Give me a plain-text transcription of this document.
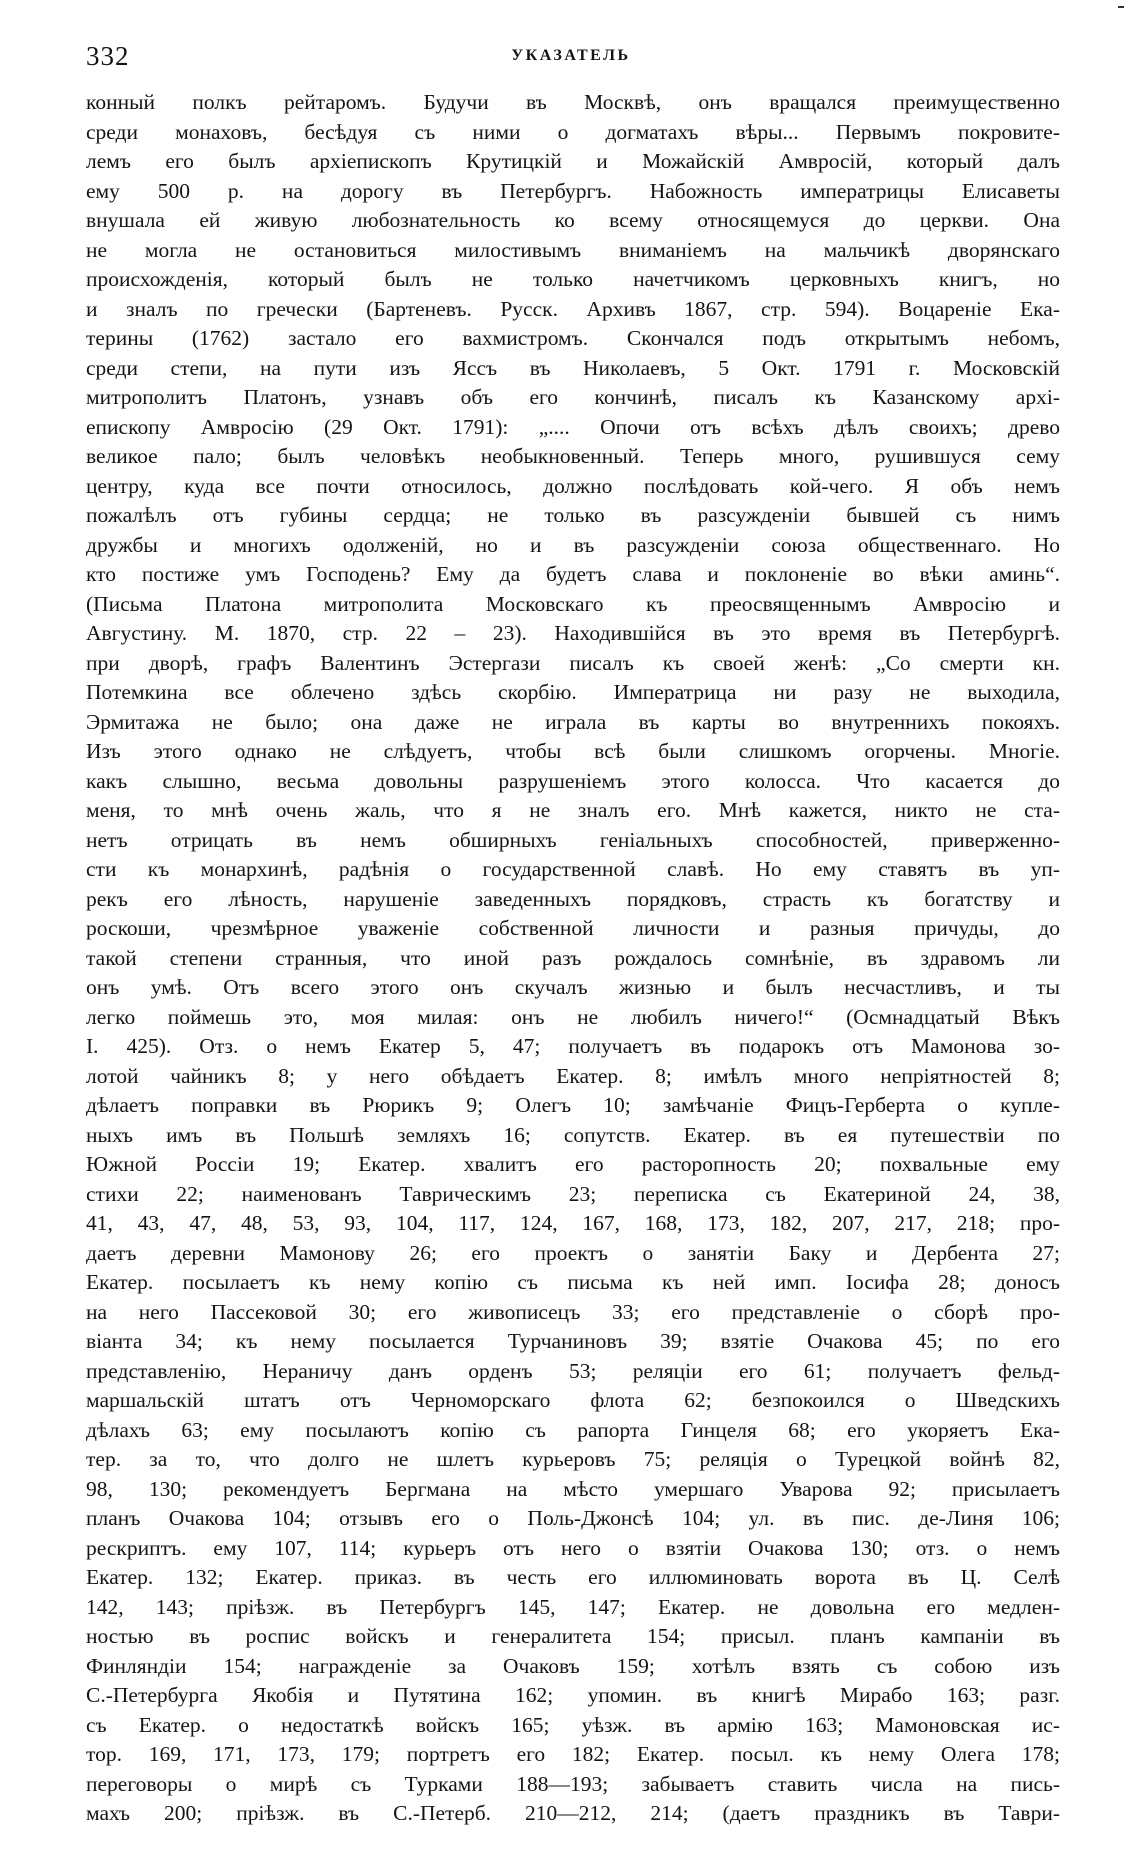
332	УКАЗАТЕЛЬ
конный полкъ рейтаромъ. Будучи въ Москвѣ, онъ вращался преимущественно
среди монаховъ, бесѣдуя съ ними о догматахъ вѣры... Первымъ покровите-
лемъ его былъ архіепископъ Крутицкій и Можайскій Амвросій, который далъ
ему 500 р. на дорогу въ Петербургъ. Набожность императрицы Елисаветы
внушала ей живую любознательность ко всему относящемуся до церкви. Она
не могла не остановиться милостивымъ вниманіемъ на мальчикѣ дворянскаго
происхожденія, который былъ не только начетчикомъ церковныхъ книгъ, но
и зналъ по гречески (Бартеневъ. Русск. Архивъ 1867, стр. 594). Воцареніе Ека-
терины (1762) застало его вахмистромъ. Скончался подъ открытымъ небомъ,
среди степи, на пути изъ Яссъ въ Николаевъ, 5 Окт. 1791 г. Московскій
митрополитъ Платонъ, узнавъ объ его кончинѣ, писалъ къ Казанскому архі-
епископу Амвросію (29 Окт. 1791): „.... Опочи отъ всѣхъ дѣлъ своихъ; древо
великое пало; былъ человѣкъ необыкновенный. Теперь много, рушившуся сему
центру, куда все почти относилось, должно послѣдовать кой-чего. Я объ немъ
пожалѣлъ отъ губины сердца; не только въ разсужденіи бывшей съ нимъ
дружбы и многихъ одолженій, но и въ разсужденіи союза общественнаго. Но
кто постиже умъ Господень? Ему да будетъ слава и поклоненіе во вѣки аминь“.
(Письма Платона митрополита Московскаго къ преосвященнымъ Амвросію и
Августину. М. 1870, стр. 22 – 23). Находившійся въ это время въ Петербургѣ.
при дворѣ, графъ Валентинъ Эстергази писалъ къ своей женѣ: „Со смерти кн.
Потемкина все облечено здѣсь скорбію. Императрица ни разу не выходила,
Эрмитажа не было; она даже не играла въ карты во внутреннихъ покояхъ.
Изъ этого однако не слѣдуетъ, чтобы всѣ были слишкомъ огорчены. Многіе.
какъ слышно, весьма довольны разрушеніемъ этого колосса. Что касается до
меня, то мнѣ очень жаль, что я не зналъ его. Мнѣ кажется, никто не ста-
нетъ отрицать въ немъ обширныхъ геніальныхъ способностей, приверженно-
сти къ монархинѣ, радѣнія о государственной славѣ. Но ему ставятъ въ уп-
рекъ его лѣность, нарушеніе заведенныхъ порядковъ, страсть къ богатству и
роскоши, чрезмѣрное уваженіе собственной личности и разныя причуды, до
такой степени странныя, что иной разъ рождалось сомнѣніе, въ здравомъ ли
онъ умѣ. Отъ всего этого онъ скучалъ жизнью и былъ несчастливъ, и ты
легко поймешь это, моя милая: онъ не любилъ ничего!“ (Осмнадцатый Вѣкъ
I. 425). Отз. о немъ Екатер 5, 47; получаетъ въ подарокъ отъ Мамонова зо-
лотой чайникъ 8; у него обѣдаетъ Екатер. 8; имѣлъ много непріятностей 8;
дѣлаетъ поправки въ Рюрикъ 9; Олегъ 10; замѣчаніе Фицъ-Герберта о купле-
ныхъ имъ въ Польшѣ земляхъ 16; сопутств. Екатер. въ ея путешествіи по
Южной Россіи 19; Екатер. хвалитъ его расторопность 20; похвальные ему
стихи 22; наименованъ Таврическимъ 23; переписка съ Екатериной 24, 38,
41, 43, 47, 48, 53, 93, 104, 117, 124, 167, 168, 173, 182, 207, 217, 218; про-
даетъ деревни Мамонову 26; его проектъ о занятіи Баку и Дербента 27;
Екатер. посылаетъ къ нему копію съ письма къ ней имп. Іосифа 28; доносъ
на него Пассековой 30; его живописецъ 33; его представленіе о сборѣ про-
віанта 34; къ нему посылается Турчаниновъ 39; взятіе Очакова 45; по его
представленію, Нераничу данъ орденъ 53; реляціи его 61; получаетъ фельд-
маршальскій штатъ отъ Черноморскаго флота 62; безпокоился о Шведскихъ
дѣлахъ 63; ему посылаютъ копію съ рапорта Гинцеля 68; его укоряетъ Ека-
тер. за то, что долго не шлетъ курьеровъ 75; реляція о Турецкой войнѣ 82,
98, 130; рекомендуетъ Бергмана на мѣсто умершаго Уварова 92; присылаетъ
планъ Очакова 104; отзывъ его о Поль-Джонсѣ 104; ул. въ пис. де-Линя 106;
рескриптъ. ему 107, 114; курьеръ отъ него о взятіи Очакова 130; отз. о немъ
Екатер. 132; Екатер. приказ. въ честь его иллюминовать ворота въ Ц. Селѣ
142, 143; пріѣзж. въ Петербургъ 145, 147; Екатер. не довольна его медлен-
ностью въ роспис войскъ и генералитета 154; присыл. планъ кампаніи въ
Финляндіи 154; награжденіе за Очаковъ 159; хотѣлъ взять съ собою изъ
С.-Петербурга Якобія и Путятина 162; упомин. въ книгѣ Мирабо 163; разг.
съ Екатер. о недостаткѣ войскъ 165; уѣзж. въ армію 163; Мамоновская ис-
тор. 169, 171, 173, 179; портретъ его 182; Екатер. посыл. къ нему Олега 178;
переговоры о мирѣ съ Турками 188—193; забываетъ ставить числа на пись-
махъ 200; пріѣзж. въ С.-Петерб. 210—212, 214; (даетъ праздникъ въ Таври-
